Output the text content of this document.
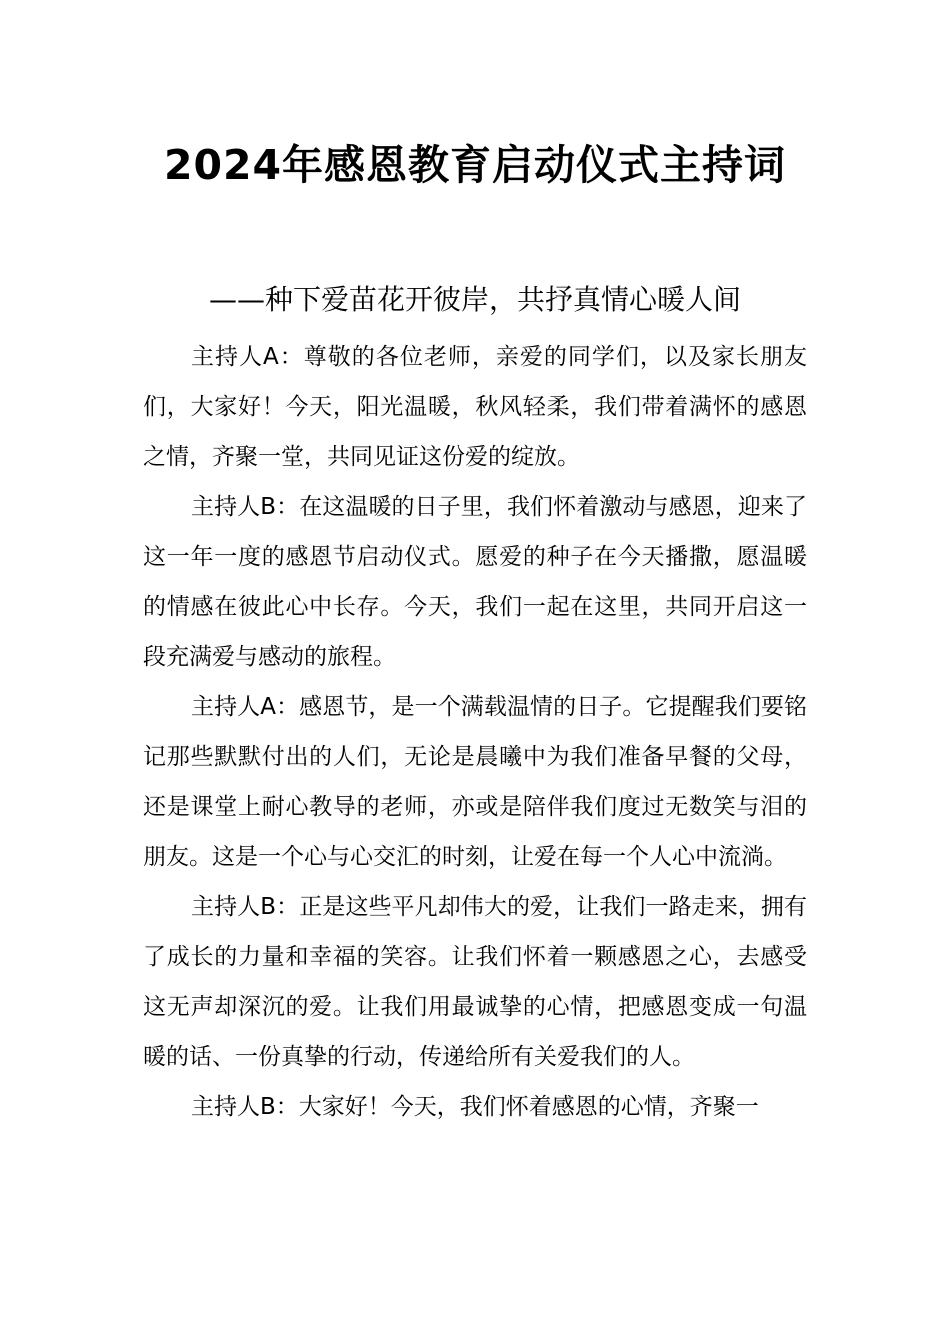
2024年感恩教育启动仪式主持词
——种下爱苗花开彼岸，共抒真情心暖人间

主持人A：尊敬的各位老师，亲爱的同学们，以及家长朋友们，大家好！今天，阳光温暖，秋风轻柔，我们带着满怀的感恩之情，齐聚一堂，共同见证这份爱的绽放。

主持人B：在这温暖的日子里，我们怀着激动与感恩，迎来了这一年一度的感恩节启动仪式。愿爱的种子在今天播撒，愿温暖的情感在彼此心中长存。今天，我们一起在这里，共同开启这一段充满爱与感动的旅程。

主持人A：感恩节，是一个满载温情的日子。它提醒我们要铭记那些默默付出的人们，无论是晨曦中为我们准备早餐的父母，还是课堂上耐心教导的老师，亦或是陪伴我们度过无数笑与泪的朋友。这是一个心与心交汇的时刻，让爱在每一个人心中流淌。

主持人B：正是这些平凡却伟大的爱，让我们一路走来，拥有了成长的力量和幸福的笑容。让我们怀着一颗感恩之心，去感受这无声却深沉的爱。让我们用最诚挚的心情，把感恩变成一句温暖的话、一份真挚的行动，传递给所有关爱我们的人。

主持人B：大家好！今天，我们怀着感恩的心情，齐聚一
